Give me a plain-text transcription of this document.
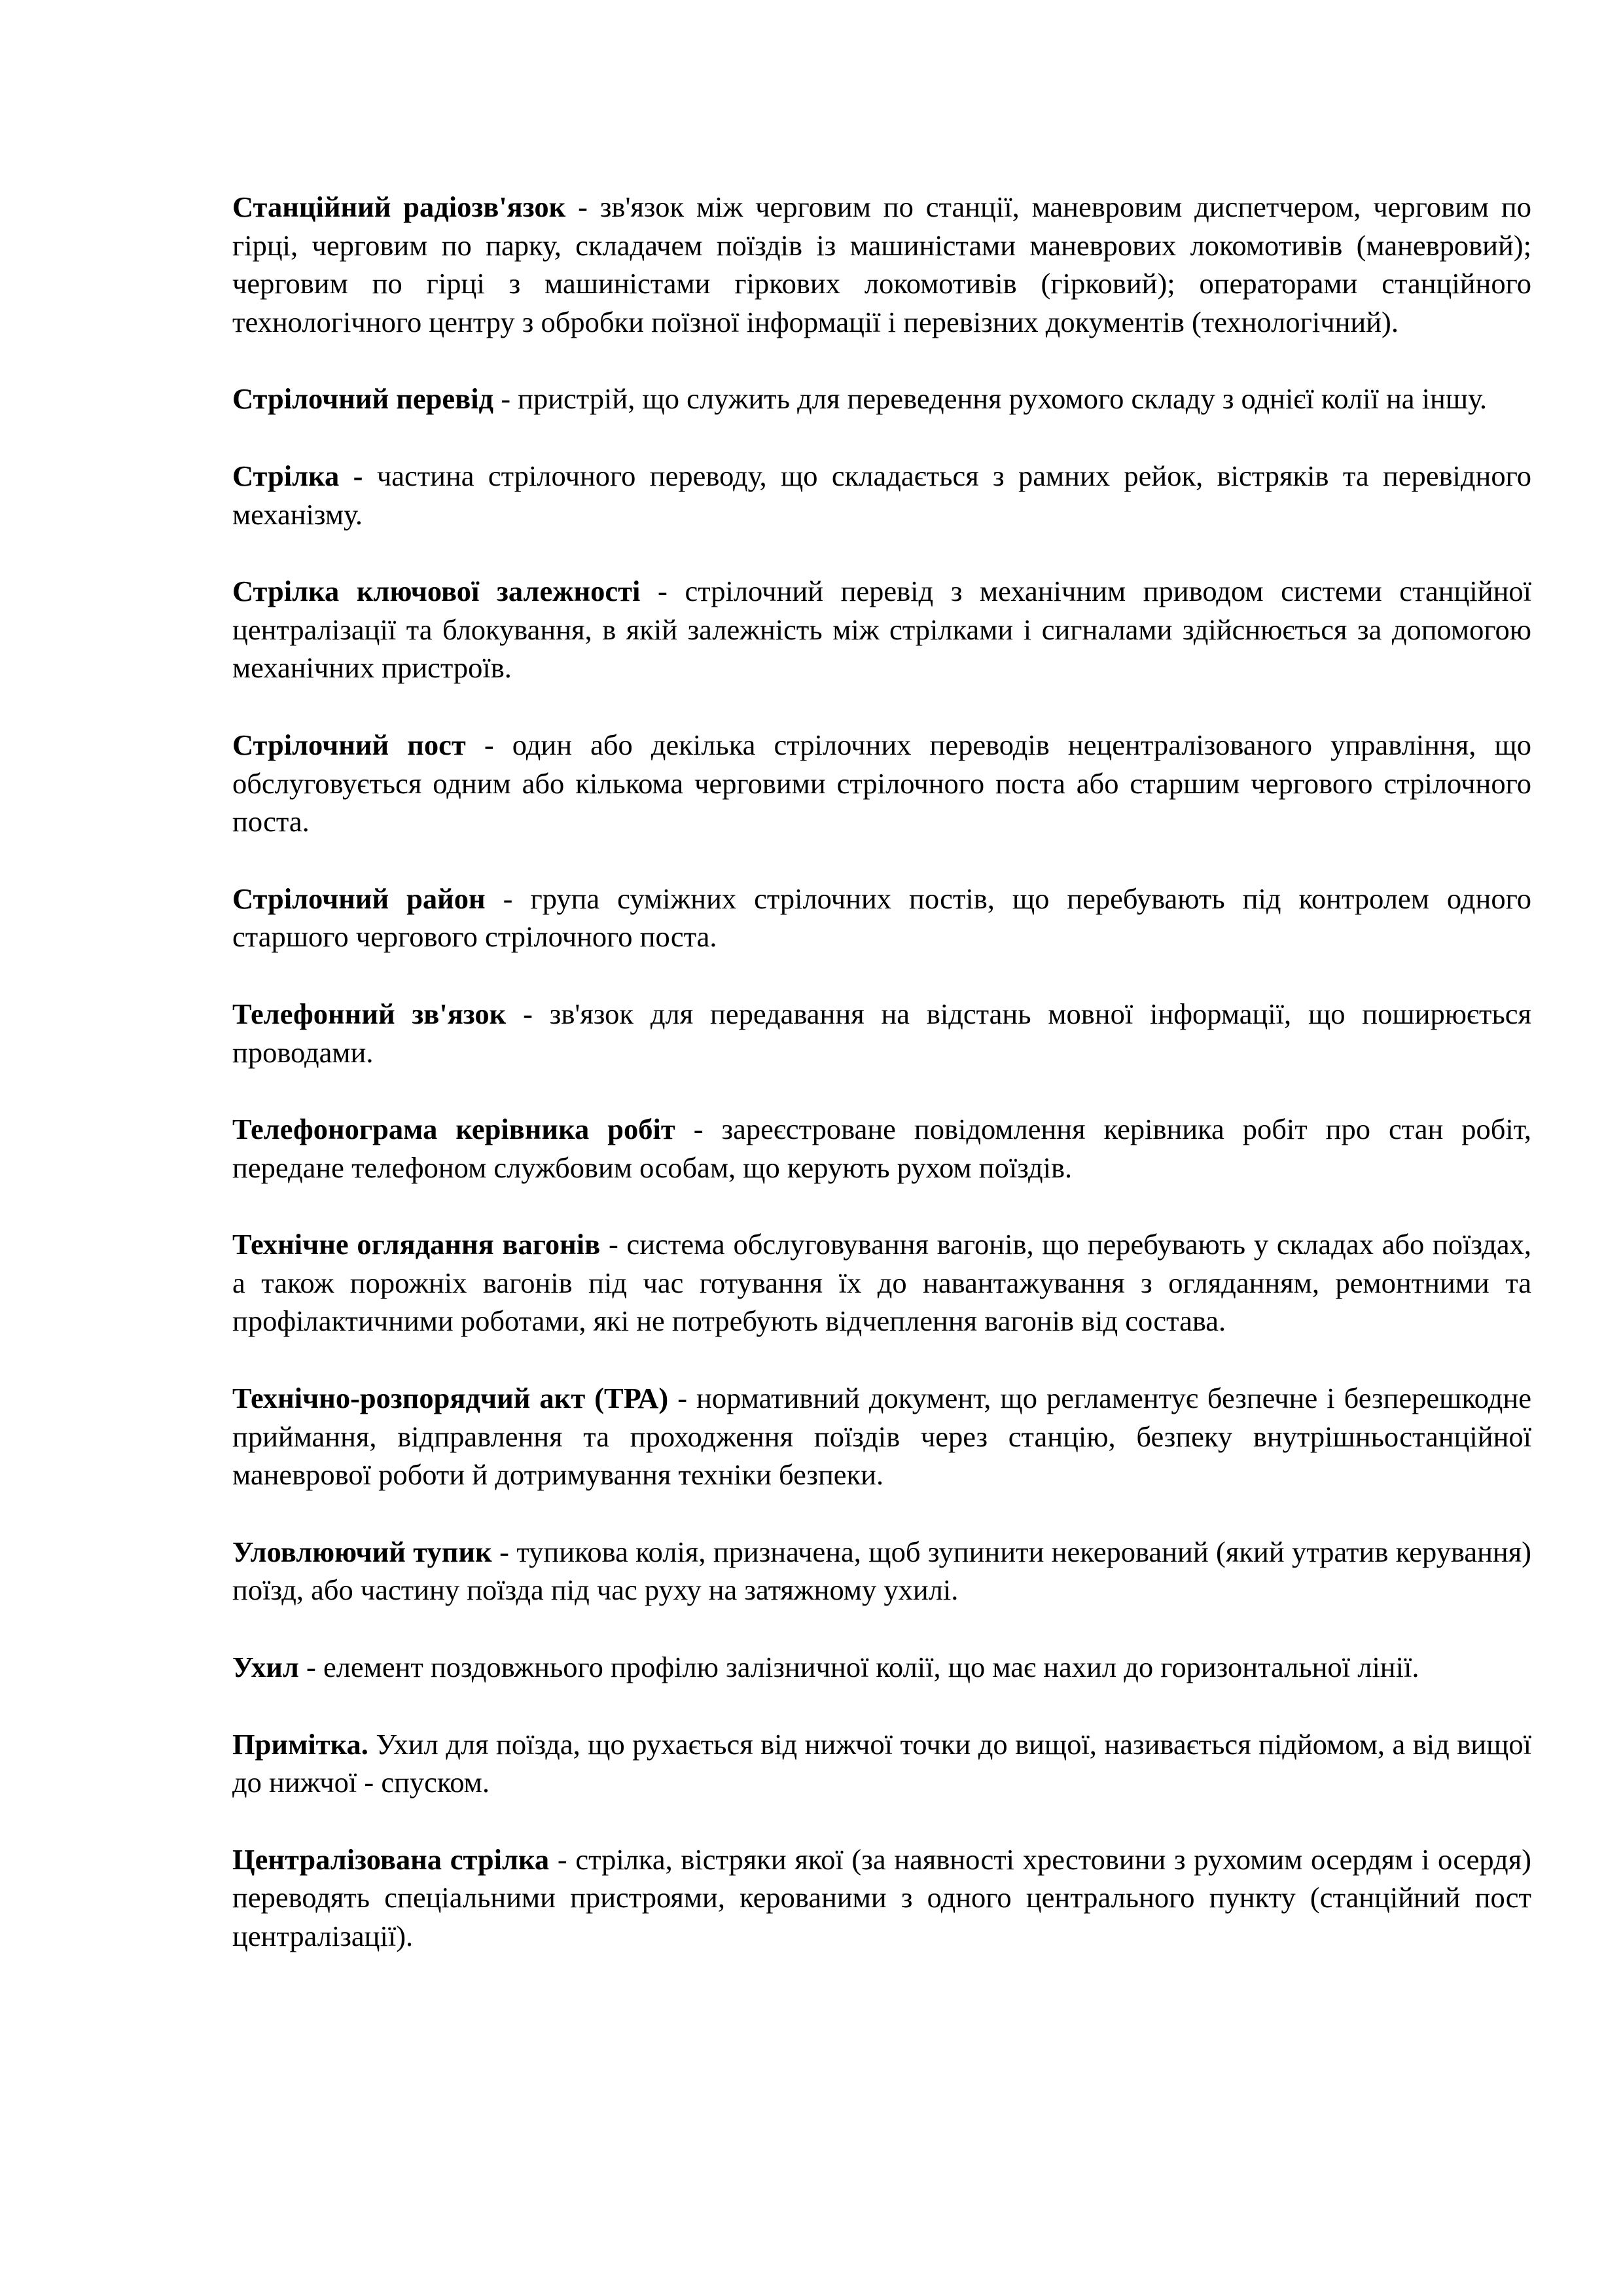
Станційний радіозв'язок - зв'язок між черговим по станції, маневровим диспетчером, черговим по гірці, черговим по парку, складачем поїздів із машиністами маневрових локомотивів (маневровий); черговим по гірці з машиністами гіркових локомотивів (гірковий); операторами станційного технологічного центру з обробки поїзної інформації і перевізних документів (технологічний).

Стрілочний перевід - пристрій, що служить для переведення рухомого складу з однієї колії на іншу.

Стрілка - частина стрілочного переводу, що складається з рамних рейок, вістряків та перевідного механізму.

Стрілка ключової залежності - стрілочний перевід з механічним приводом системи станційної централізації та блокування, в якій залежність між стрілками і сигналами здійснюється за допомогою механічних пристроїв.

Стрілочний пост - один або декілька стрілочних переводів нецентралізованого управління, що обслуговується одним або кількома черговими стрілочного поста або старшим чергового стрілочного поста.

Стрілочний район - група суміжних стрілочних постів, що перебувають під контролем одного старшого чергового стрілочного поста.

Телефонний зв'язок - зв'язок для передавання на відстань мовної інформації, що поширюється проводами.

Телефонограма керівника робіт - зареєстроване повідомлення керівника робіт про стан робіт, передане телефоном службовим особам, що керують рухом поїздів.

Технічне оглядання вагонів - система обслуговування вагонів, що перебувають у складах або поїздах, а також порожніх вагонів під час готування їх до навантажування з огляданням, ремонтними та профілактичними роботами, які не потребують відчеплення вагонів від состава.

Технічно-розпорядчий акт (ТРА) - нормативний документ, що регламентує безпечне і безперешкодне приймання, відправлення та проходження поїздів через станцію, безпеку внутрішньостанційної маневрової роботи й дотримування техніки безпеки.

Уловлюючий тупик - тупикова колія, призначена, щоб зупинити некерований (який утратив керування) поїзд, або частину поїзда під час руху на затяжному ухилі.

Ухил - елемент поздовжнього профілю залізничної колії, що має нахил до горизонтальної лінії.

Примітка. Ухил для поїзда, що рухається від нижчої точки до вищої, називається підйомом, а від вищої до нижчої - спуском.

Централізована стрілка - стрілка, вістряки якої (за наявності хрестовини з рухомим осердям і осердя) переводять спеціальними пристроями, керованими з одного центрального пункту (станційний пост централізації).
